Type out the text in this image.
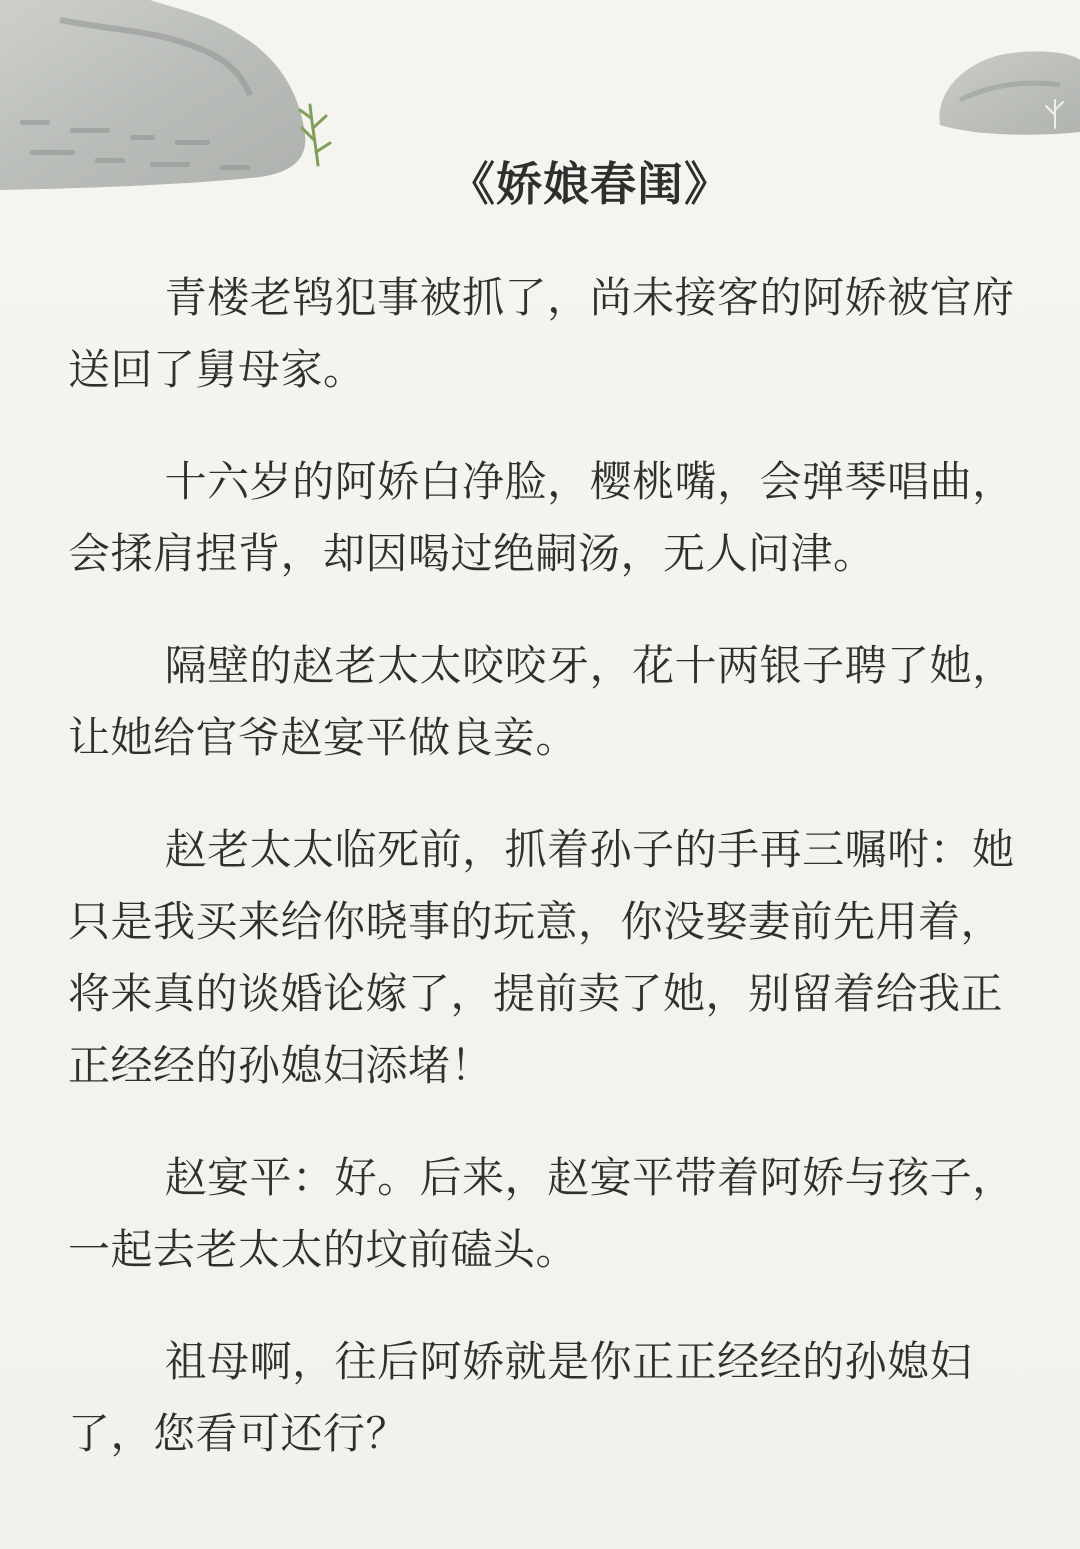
《娇娘春闺》

青楼老鸨犯事被抓了，尚未接客的阿娇被官府送回了舅母家。

十六岁的阿娇白净脸，樱桃嘴，会弹琴唱曲，会揉肩捏背，却因喝过绝嗣汤，无人问津。

隔壁的赵老太太咬咬牙，花十两银子聘了她，让她给官爷赵宴平做良妾。

赵老太太临死前，抓着孙子的手再三嘱咐：她只是我买来给你晓事的玩意，你没娶妻前先用着，将来真的谈婚论嫁了，提前卖了她，别留着给我正正经经的孙媳妇添堵！

赵宴平：好。后来，赵宴平带着阿娇与孩子，一起去老太太的坟前磕头。

祖母啊，往后阿娇就是你正正经经的孙媳妇了，您看可还行？
